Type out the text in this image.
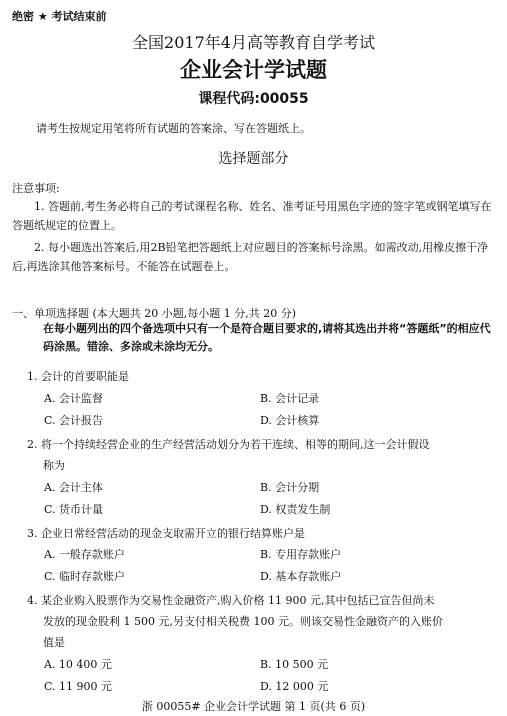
绝密 ★ 考试结束前
全国2017年4月高等教育自学考试
企业会计学试题
课程代码:00055
请考生按规定用笔将所有试题的答案涂、写在答题纸上。
选择题部分
注意事项:
1. 答题前,考生务必将自己的考试课程名称、姓名、准考证号用黑色字迹的签字笔或钢笔填写在答题纸规定的位置上。
2. 每小题选出答案后,用2B铅笔把答题纸上对应题目的答案标号涂黑。如需改动,用橡皮擦干净后,再选涂其他答案标号。不能答在试题卷上。
一、单项选择题 (本大题共 20 小题,每小题 1 分,共 20 分)
在每小题列出的四个备选项中只有一个是符合题目要求的,请将其选出并将“答题纸”的相应代码涂黑。错涂、多涂或未涂均无分。
1. 会计的首要职能是
A. 会计监督	B. 会计记录
C. 会计报告	D. 会计核算
2. 将一个持续经营企业的生产经营活动划分为若干连续、相等的期间,这一会计假设
称为
A. 会计主体	B. 会计分期
C. 货币计量	D. 权责发生制
3. 企业日常经营活动的现金支取需开立的银行结算账户是
A. 一般存款账户	B. 专用存款账户
C. 临时存款账户	D. 基本存款账户
4. 某企业购入股票作为交易性金融资产,购入价格 11 900 元,其中包括已宣告但尚未
发放的现金股利 1 500 元,另支付相关税费 100 元。则该交易性金融资产的入账价
值是
A. 10 400 元	B. 10 500 元
C. 11 900 元	D. 12 000 元
浙 00055# 企业会计学试题 第 1 页(共 6 页)
